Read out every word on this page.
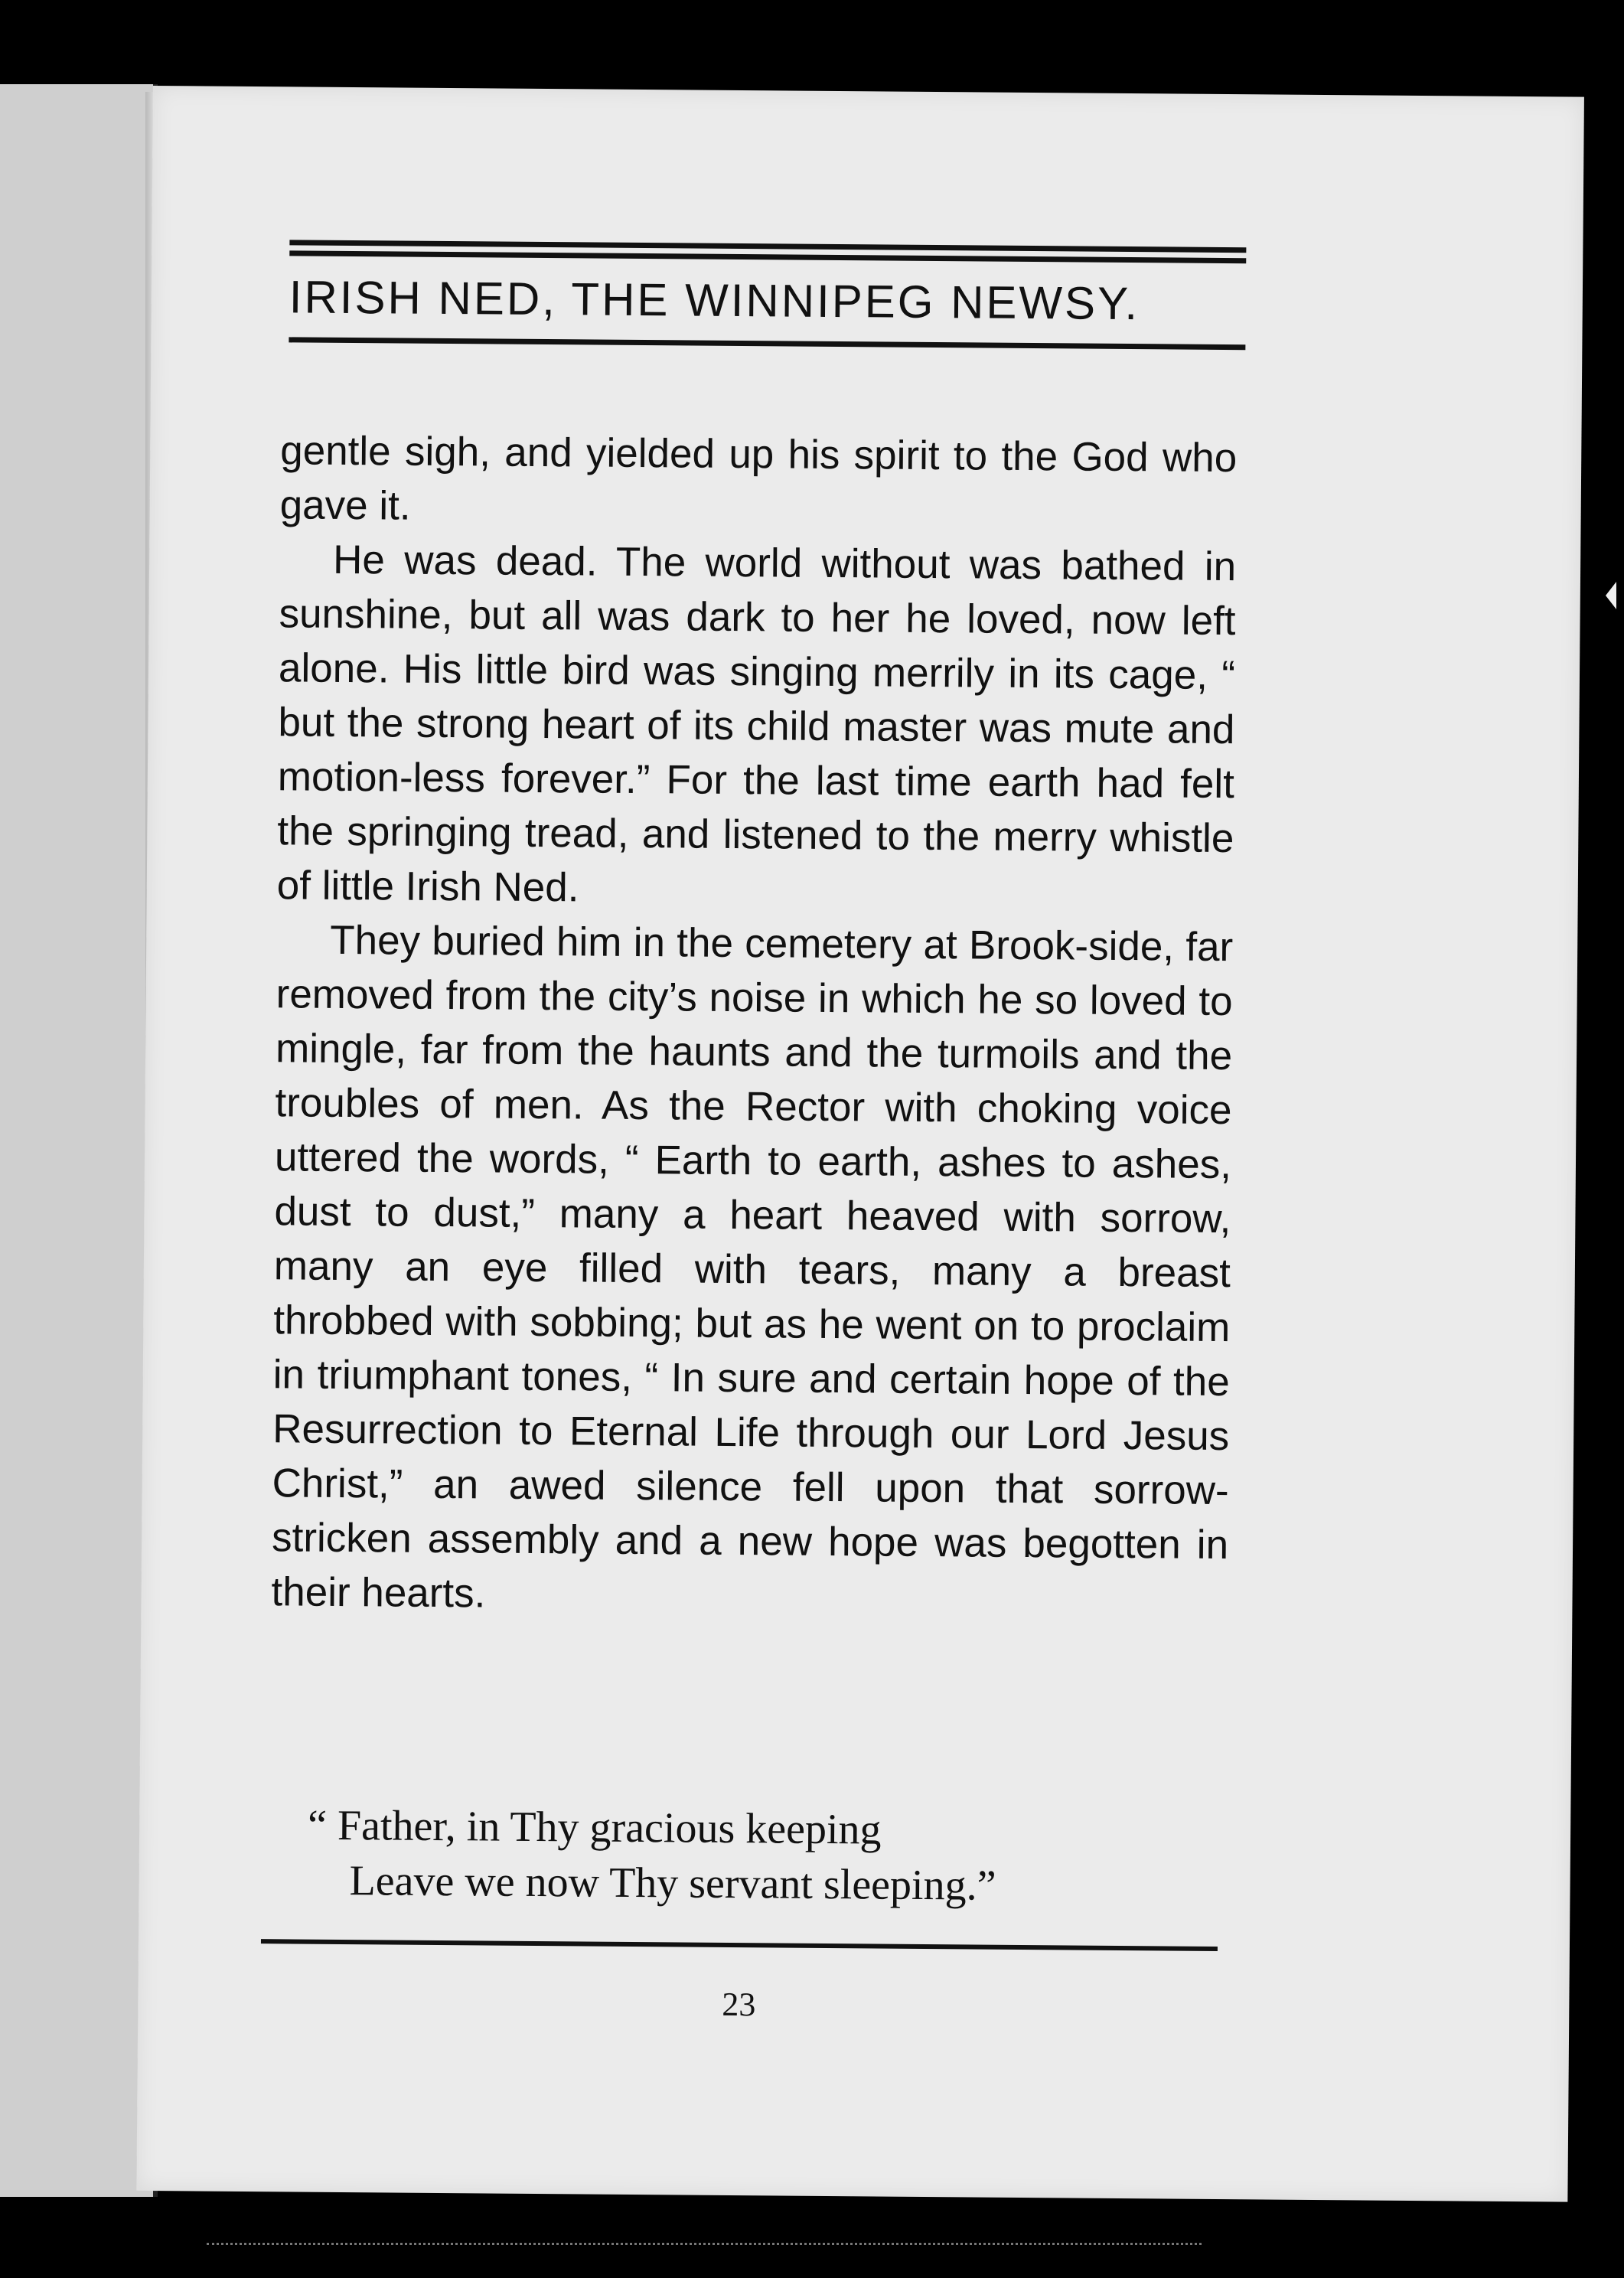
IRISH NED, THE WINNIPEG NEWSY.

gentle sigh, and yielded up his spirit to the God who gave it.

He was dead. The world without was bathed in sunshine, but all was dark to her he loved, now left alone. His little bird was singing merrily in its cage, “ but the strong heart of its child master was mute and motion-less forever.” For the last time earth had felt the springing tread, and listened to the merry whistle of little Irish Ned.

They buried him in the cemetery at Brook-side, far removed from the city’s noise in which he so loved to mingle, far from the haunts and the turmoils and the troubles of men. As the Rector with choking voice uttered the words, “ Earth to earth, ashes to ashes, dust to dust,” many a heart heaved with sorrow, many an eye filled with tears, many a breast throbbed with sobbing; but as he went on to proclaim in triumphant tones, “ In sure and certain hope of the Resurrection to Eternal Life through our Lord Jesus Christ,” an awed silence fell upon that sorrow-stricken assembly and a new hope was begotten in their hearts.

“ Father, in Thy gracious keeping
Leave we now Thy servant sleeping.”
23
